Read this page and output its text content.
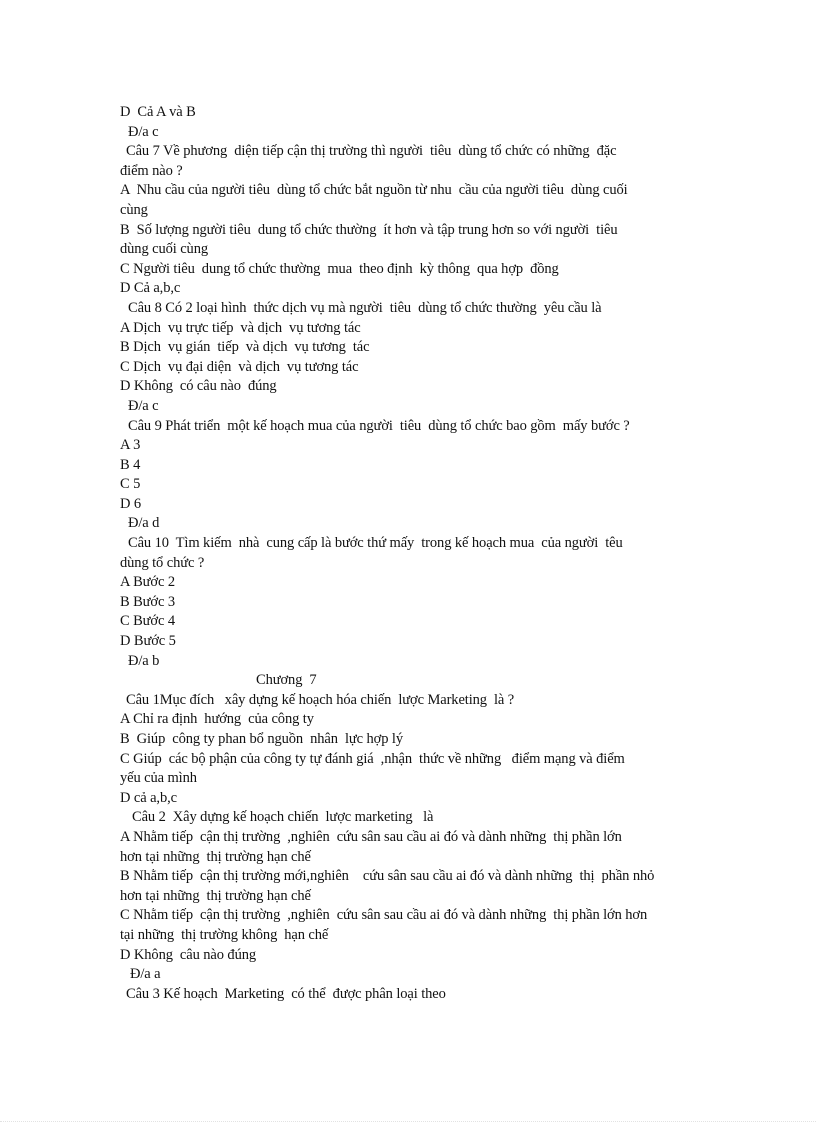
D  Cả A và B
Đ/a c
Câu 7 Về phương  diện tiếp cận thị trường thì người  tiêu  dùng tổ chức có những  đặc
điểm nào ?
A  Nhu cầu của người tiêu  dùng tổ chức bắt nguồn từ nhu  cầu của người tiêu  dùng cuối
cùng
B  Số lượng người tiêu  dung tổ chức thường  ít hơn và tập trung hơn so với người  tiêu
dùng cuối cùng
C Người tiêu  dung tổ chức thường  mua  theo định  kỳ thông  qua hợp  đồng
D Cả a,b,c
Câu 8 Có 2 loại hình  thức dịch vụ mà người  tiêu  dùng tổ chức thường  yêu cầu là
A Dịch  vụ trực tiếp  và dịch  vụ tương tác
B Dịch  vụ gián  tiếp  và dịch  vụ tương  tác
C Dịch  vụ đại diện  và dịch  vụ tương tác
D Không  có câu nào  đúng
Đ/a c
Câu 9 Phát triển  một kế hoạch mua của người  tiêu  dùng tổ chức bao gồm  mấy bước ?
A 3
B 4
C 5
D 6
Đ/a d
Câu 10  Tìm kiếm  nhà  cung cấp là bước thứ mấy  trong kế hoạch mua  của người  têu
dùng tổ chức ?
A Bước 2
B Bước 3
C Bước 4
D Bước 5
Đ/a b
Chương  7
Câu 1Mục đích   xây dựng kế hoạch hóa chiến  lược Marketing  là ?
A Chỉ ra định  hướng  của công ty
B  Giúp  công ty phan bổ nguồn  nhân  lực hợp lý
C Giúp  các bộ phận của công ty tự đánh giá  ,nhận  thức về những   điểm mạng và điểm
yếu của mình
D cả a,b,c
Câu 2  Xây dựng kế hoạch chiến  lược marketing   là
A Nhằm tiếp  cận thị trường  ,nghiên  cứu sân sau cầu ai đó và dành những  thị phần lớn
hơn tại những  thị trường hạn chế
B Nhằm tiếp  cận thị trường mới,nghiên    cứu sân sau cầu ai đó và dành những  thị  phần nhỏ
hơn tại những  thị trường hạn chế
C Nhằm tiếp  cận thị trường  ,nghiên  cứu sân sau cầu ai đó và dành những  thị phần lớn hơn
tại những  thị trường không  hạn chế
D Không  câu nào đúng
Đ/a a
Câu 3 Kế hoạch  Marketing  có thể  được phân loại theo
